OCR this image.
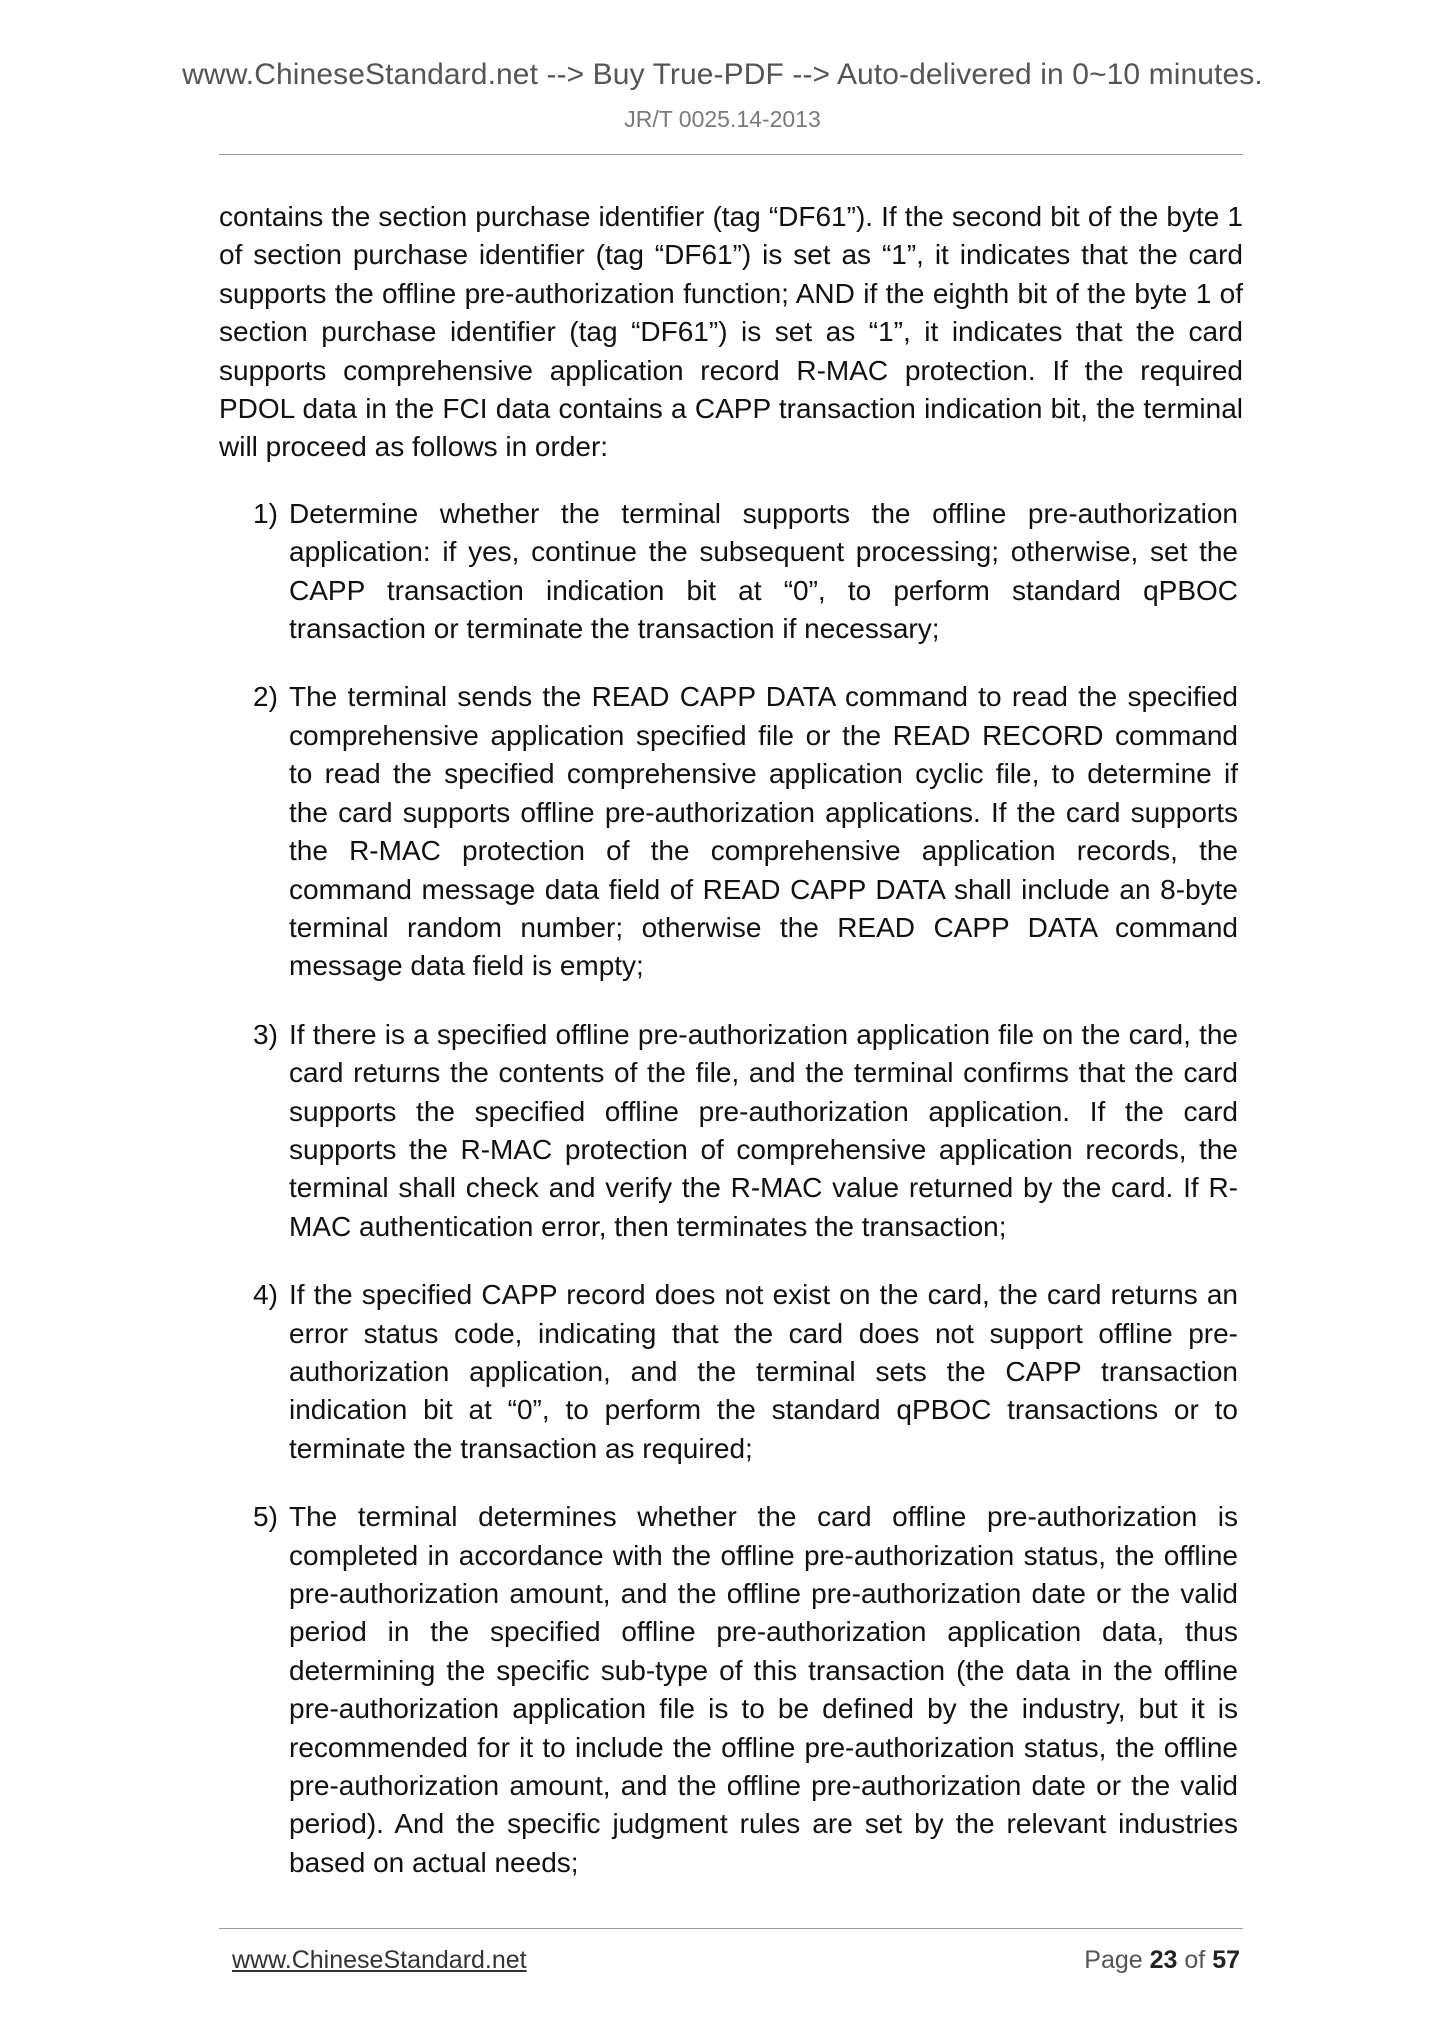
www.ChineseStandard.net --> Buy True-PDF --> Auto-delivered in 0~10 minutes.
JR/T 0025.14-2013

contains the section purchase identifier (tag “DF61”). If the second bit of the byte 1 of section purchase identifier (tag “DF61”) is set as “1”, it indicates that the card supports the offline pre-authorization function; AND if the eighth bit of the byte 1 of section purchase identifier (tag “DF61”) is set as “1”, it indicates that the card supports comprehensive application record R-MAC protection. If the required PDOL data in the FCI data contains a CAPP transaction indication bit, the terminal will proceed as follows in order:

1) Determine whether the terminal supports the offline pre-authorization application: if yes, continue the subsequent processing; otherwise, set the CAPP transaction indication bit at “0”, to perform standard qPBOC transaction or terminate the transaction if necessary;
2) The terminal sends the READ CAPP DATA command to read the specified comprehensive application specified file or the READ RECORD command to read the specified comprehensive application cyclic file, to determine if the card supports offline pre-authorization applications. If the card supports the R-MAC protection of the comprehensive application records, the command message data field of READ CAPP DATA shall include an 8-byte terminal random number; otherwise the READ CAPP DATA command message data field is empty;
3) If there is a specified offline pre-authorization application file on the card, the card returns the contents of the file, and the terminal confirms that the card supports the specified offline pre-authorization application. If the card supports the R-MAC protection of comprehensive application records, the terminal shall check and verify the R-MAC value returned by the card. If R-MAC authentication error, then terminates the transaction;
4) If the specified CAPP record does not exist on the card, the card returns an error status code, indicating that the card does not support offline pre-authorization application, and the terminal sets the CAPP transaction indication bit at “0”, to perform the standard qPBOC transactions or to terminate the transaction as required;
5) The terminal determines whether the card offline pre-authorization is completed in accordance with the offline pre-authorization status, the offline pre-authorization amount, and the offline pre-authorization date or the valid period in the specified offline pre-authorization application data, thus determining the specific sub-type of this transaction (the data in the offline pre-authorization application file is to be defined by the industry, but it is recommended for it to include the offline pre-authorization status, the offline pre-authorization amount, and the offline pre-authorization date or the valid period). And the specific judgment rules are set by the relevant industries based on actual needs;
www.ChineseStandard.net	Page 23 of 57
